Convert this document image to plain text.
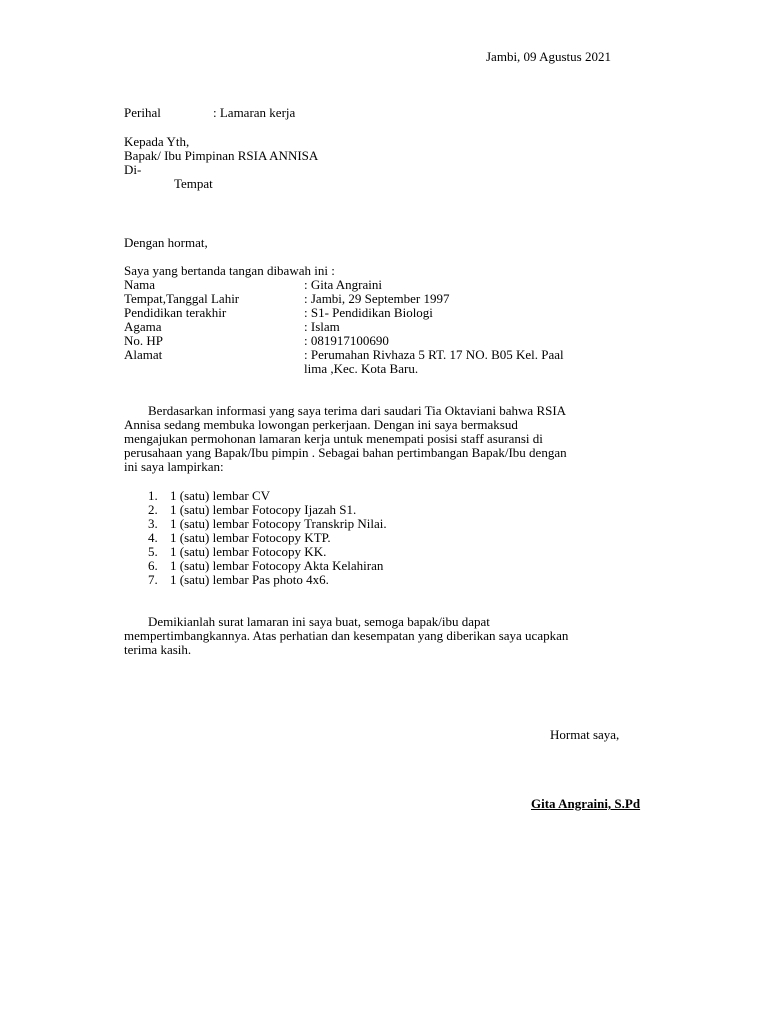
Jambi, 09 Agustus 2021
Perihal	: Lamaran kerja
Kepada Yth,
Bapak/ Ibu Pimpinan RSIA ANNISA
Di-
Tempat
Dengan hormat,
Saya yang bertanda tangan dibawah ini :
Nama	: Gita Angraini
Tempat,Tanggal Lahir	: Jambi, 29 September 1997
Pendidikan terakhir	: S1- Pendidikan Biologi
Agama	: Islam
No. HP	: 081917100690
Alamat	: Perumahan Rivhaza 5 RT. 17 NO. B05 Kel. Paal
	lima ,Kec. Kota Baru.
Berdasarkan informasi yang saya terima dari saudari Tia Oktaviani bahwa RSIA
Annisa sedang membuka lowongan perkerjaan. Dengan ini saya bermaksud
mengajukan permohonan lamaran kerja untuk menempati posisi staff asuransi di
perusahaan yang Bapak/Ibu pimpin . Sebagai bahan pertimbangan Bapak/Ibu dengan
ini saya lampirkan:
1. 1 (satu) lembar CV
2. 1 (satu) lembar Fotocopy Ijazah S1.
3. 1 (satu) lembar Fotocopy Transkrip Nilai.
4. 1 (satu) lembar Fotocopy KTP.
5. 1 (satu) lembar Fotocopy KK.
6. 1 (satu) lembar Fotocopy Akta Kelahiran
7. 1 (satu) lembar Pas photo 4x6.
Demikianlah surat lamaran ini saya buat, semoga bapak/ibu dapat
mempertimbangkannya. Atas perhatian dan kesempatan yang diberikan saya ucapkan
terima kasih.
Hormat saya,
Gita Angraini, S.Pd
